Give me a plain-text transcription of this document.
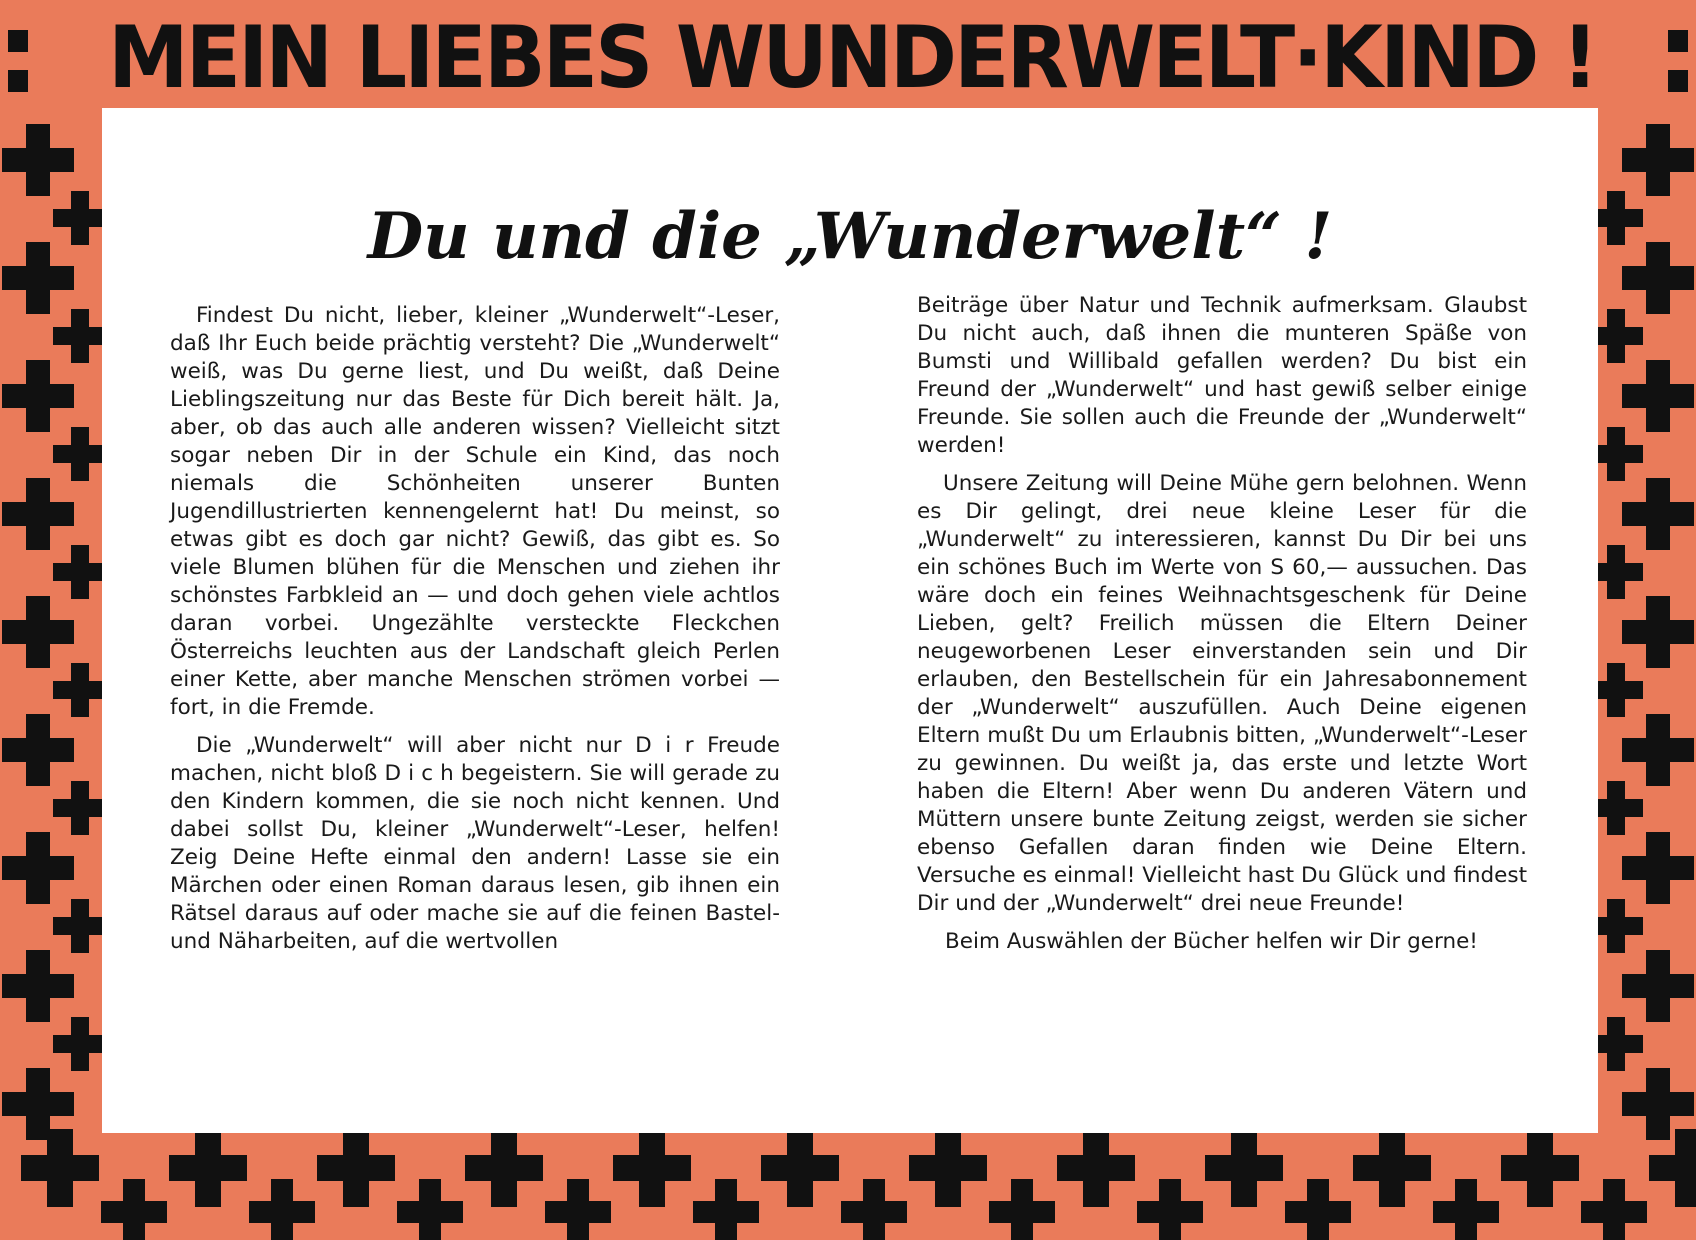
MEIN LIEBES WUNDERWELT·KIND !
Du und die „Wunderwelt“ !

Findest Du nicht, lieber, kleiner „Wunderwelt“-Leser, daß Ihr Euch beide prächtig versteht? Die „Wunderwelt“ weiß, was Du gerne liest, und Du weißt, daß Deine Lieblingszeitung nur das Beste für Dich bereit hält. Ja, aber, ob das auch alle anderen wissen? Vielleicht sitzt sogar neben Dir in der Schule ein Kind, das noch niemals die Schönheiten unserer Bunten Jugendillustrierten kennengelernt hat! Du meinst, so etwas gibt es doch gar nicht? Gewiß, das gibt es. So viele Blumen blühen für die Menschen und ziehen ihr schönstes Farbkleid an — und doch gehen viele achtlos daran vorbei. Ungezählte versteckte Fleckchen Österreichs leuchten aus der Landschaft gleich Perlen einer Kette, aber manche Menschen strömen vorbei — fort, in die Fremde.

Die „Wunderwelt“ will aber nicht nur D i r Freude machen, nicht bloß D i c h begeistern. Sie will gerade zu den Kindern kommen, die sie noch nicht kennen. Und dabei sollst Du, kleiner „Wunderwelt“-Leser, helfen! Zeig Deine Hefte einmal den andern! Lasse sie ein Märchen oder einen Roman daraus lesen, gib ihnen ein Rätsel daraus auf oder mache sie auf die feinen Bastel- und Näharbeiten, auf die wertvollen

Beiträge über Natur und Technik aufmerksam. Glaubst Du nicht auch, daß ihnen die munteren Späße von Bumsti und Willibald gefallen werden? Du bist ein Freund der „Wunderwelt“ und hast gewiß selber einige Freunde. Sie sollen auch die Freunde der „Wunderwelt“ werden!

Unsere Zeitung will Deine Mühe gern belohnen. Wenn es Dir gelingt, drei neue kleine Leser für die „Wunderwelt“ zu interessieren, kannst Du Dir bei uns ein schönes Buch im Werte von S 60,— aussuchen. Das wäre doch ein feines Weihnachtsgeschenk für Deine Lieben, gelt? Freilich müssen die Eltern Deiner neugeworbenen Leser einverstanden sein und Dir erlauben, den Bestellschein für ein Jahresabonnement der „Wunderwelt“ auszufüllen. Auch Deine eigenen Eltern mußt Du um Erlaubnis bitten, „Wunderwelt“-Leser zu gewinnen. Du weißt ja, das erste und letzte Wort haben die Eltern! Aber wenn Du anderen Vätern und Müttern unsere bunte Zeitung zeigst, werden sie sicher ebenso Gefallen daran finden wie Deine Eltern. Versuche es einmal! Vielleicht hast Du Glück und findest Dir und der „Wunderwelt“ drei neue Freunde!

Beim Auswählen der Bücher helfen wir Dir gerne!
